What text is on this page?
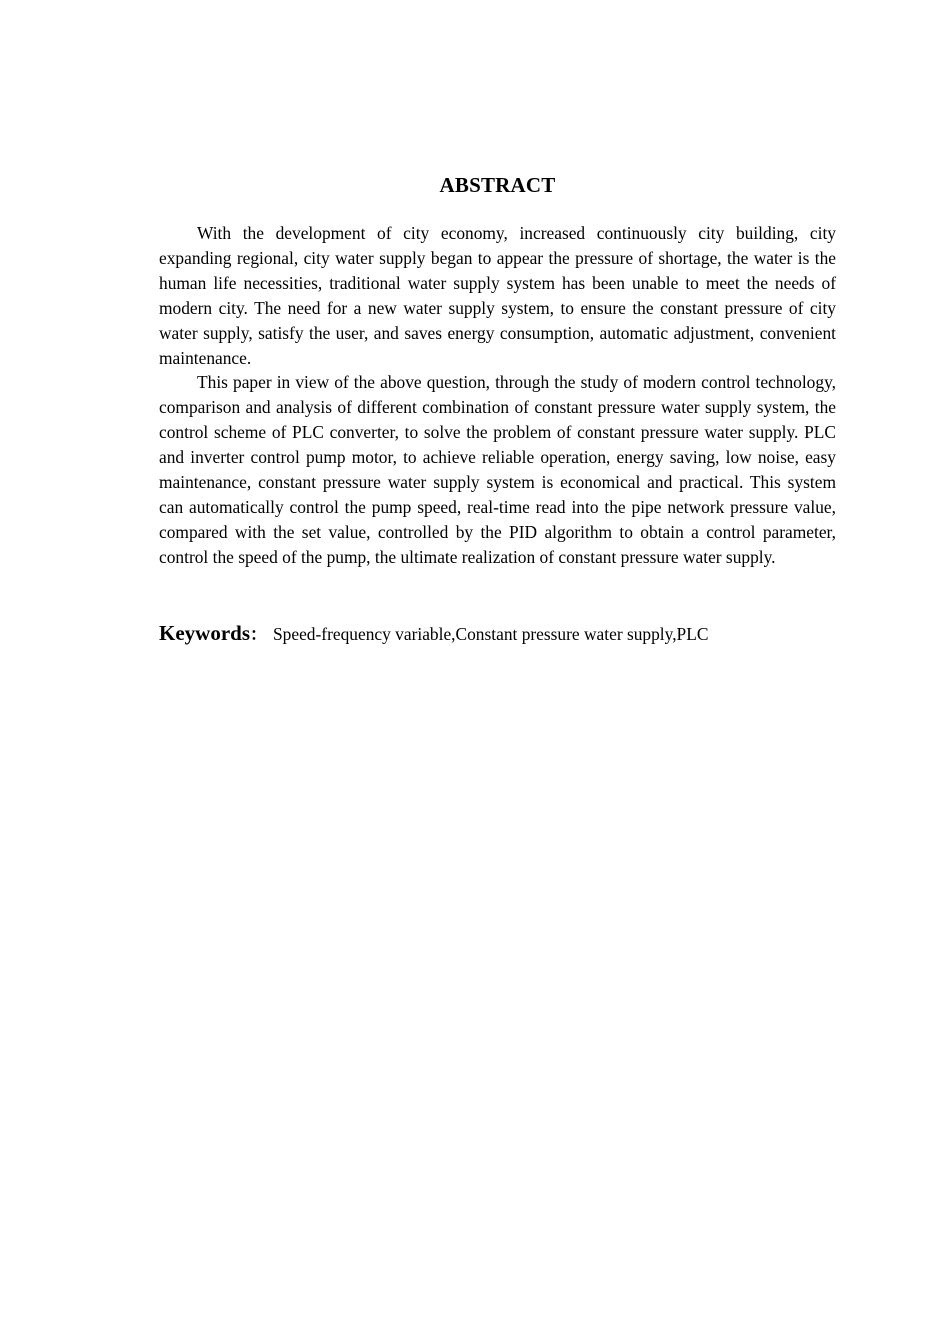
ABSTRACT

With the development of city economy, increased continuously city building, city expanding regional, city water supply began to appear the pressure of shortage, the water is the human life necessities, traditional water supply system has been unable to meet the needs of modern city. The need for a new water supply system, to ensure the constant pressure of city water supply, satisfy the user, and saves energy consumption, automatic adjustment, convenient maintenance.

This paper in view of the above question, through the study of modern control technology, comparison and analysis of different combination of constant pressure water supply system, the control scheme of PLC converter, to solve the problem of constant pressure water supply. PLC and inverter control pump motor, to achieve reliable operation, energy saving, low noise, easy maintenance, constant pressure water supply system is economical and practical. This system can automatically control the pump speed, real-time read into the pipe network pressure value, compared with the set value, controlled by the PID algorithm to obtain a control parameter, control the speed of the pump, the ultimate realization of constant pressure water supply.

Keywords： Speed-frequency variable,Constant pressure water supply,PLC
